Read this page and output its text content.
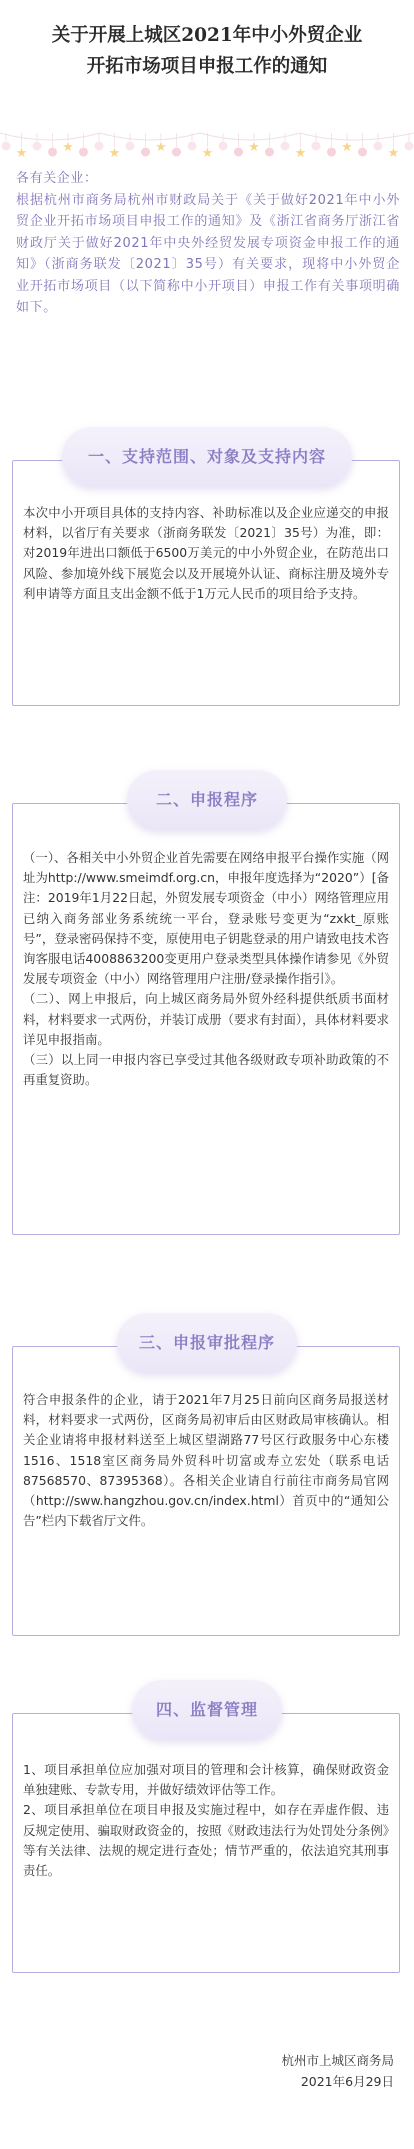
关于开展上城区2021年中小外贸企业
开拓市场项目申报工作的通知
★	★	★	★	★	★	★	★	★

各有关企业：

根据杭州市商务局杭州市财政局关于《关于做好2021年中小外贸企业开拓市场项目申报工作的通知》及《浙江省商务厅浙江省财政厅关于做好2021年中央外经贸发展专项资金申报工作的通知》（浙商务联发〔2021〕35号）有关要求，现将中小外贸企业开拓市场项目（以下简称中小开项目）申报工作有关事项明确如下。

一、支持范围、对象及支持内容

本次中小开项目具体的支持内容、补助标准以及企业应递交的申报材料，以省厅有关要求（浙商务联发〔2021〕35号）为准，即：对2019年进出口额低于6500万美元的中小外贸企业，在防范出口风险、参加境外线下展览会以及开展境外认证、商标注册及境外专利申请等方面且支出金额不低于1万元人民币的项目给予支持。

二、申报程序

（一）、各相关中小外贸企业首先需要在网络申报平台操作实施（网址为http://www.smeimdf.org.cn，申报年度选择为“2020”）[备注：2019年1月22日起，外贸发展专项资金（中小）网络管理应用已纳入商务部业务系统统一平台，登录账号变更为“zxkt_原账号”，登录密码保持不变，原使用电子钥匙登录的用户请致电技术咨询客服电话4008863200变更用户登录类型具体操作请参见《外贸发展专项资金（中小）网络管理用户注册/登录操作指引》。

（二）、网上申报后，向上城区商务局外贸外经科提供纸质书面材料，材料要求一式两份，并装订成册（要求有封面），具体材料要求详见申报指南。

（三）以上同一申报内容已享受过其他各级财政专项补助政策的不再重复资助。

三、申报审批程序

符合申报条件的企业，请于2021年7月25日前向区商务局报送材料，材料要求一式两份，区商务局初审后由区财政局审核确认。相关企业请将申报材料送至上城区望湖路77号区行政服务中心东楼1516、1518室区商务局外贸科叶切富或寿立宏处（联系电话87568570、87395368）。各相关企业请自行前往市商务局官网（http://sww.hangzhou.gov.cn/index.html）首页中的“通知公告”栏内下载省厅文件。

四、监督管理

1、项目承担单位应加强对项目的管理和会计核算，确保财政资金单独建账、专款专用，并做好绩效评估等工作。

2、项目承担单位在项目申报及实施过程中，如存在弄虚作假、违反规定使用、骗取财政资金的，按照《财政违法行为处罚处分条例》等有关法律、法规的规定进行查处；情节严重的，依法追究其刑事责任。

杭州市上城区商务局
2021年6月29日
